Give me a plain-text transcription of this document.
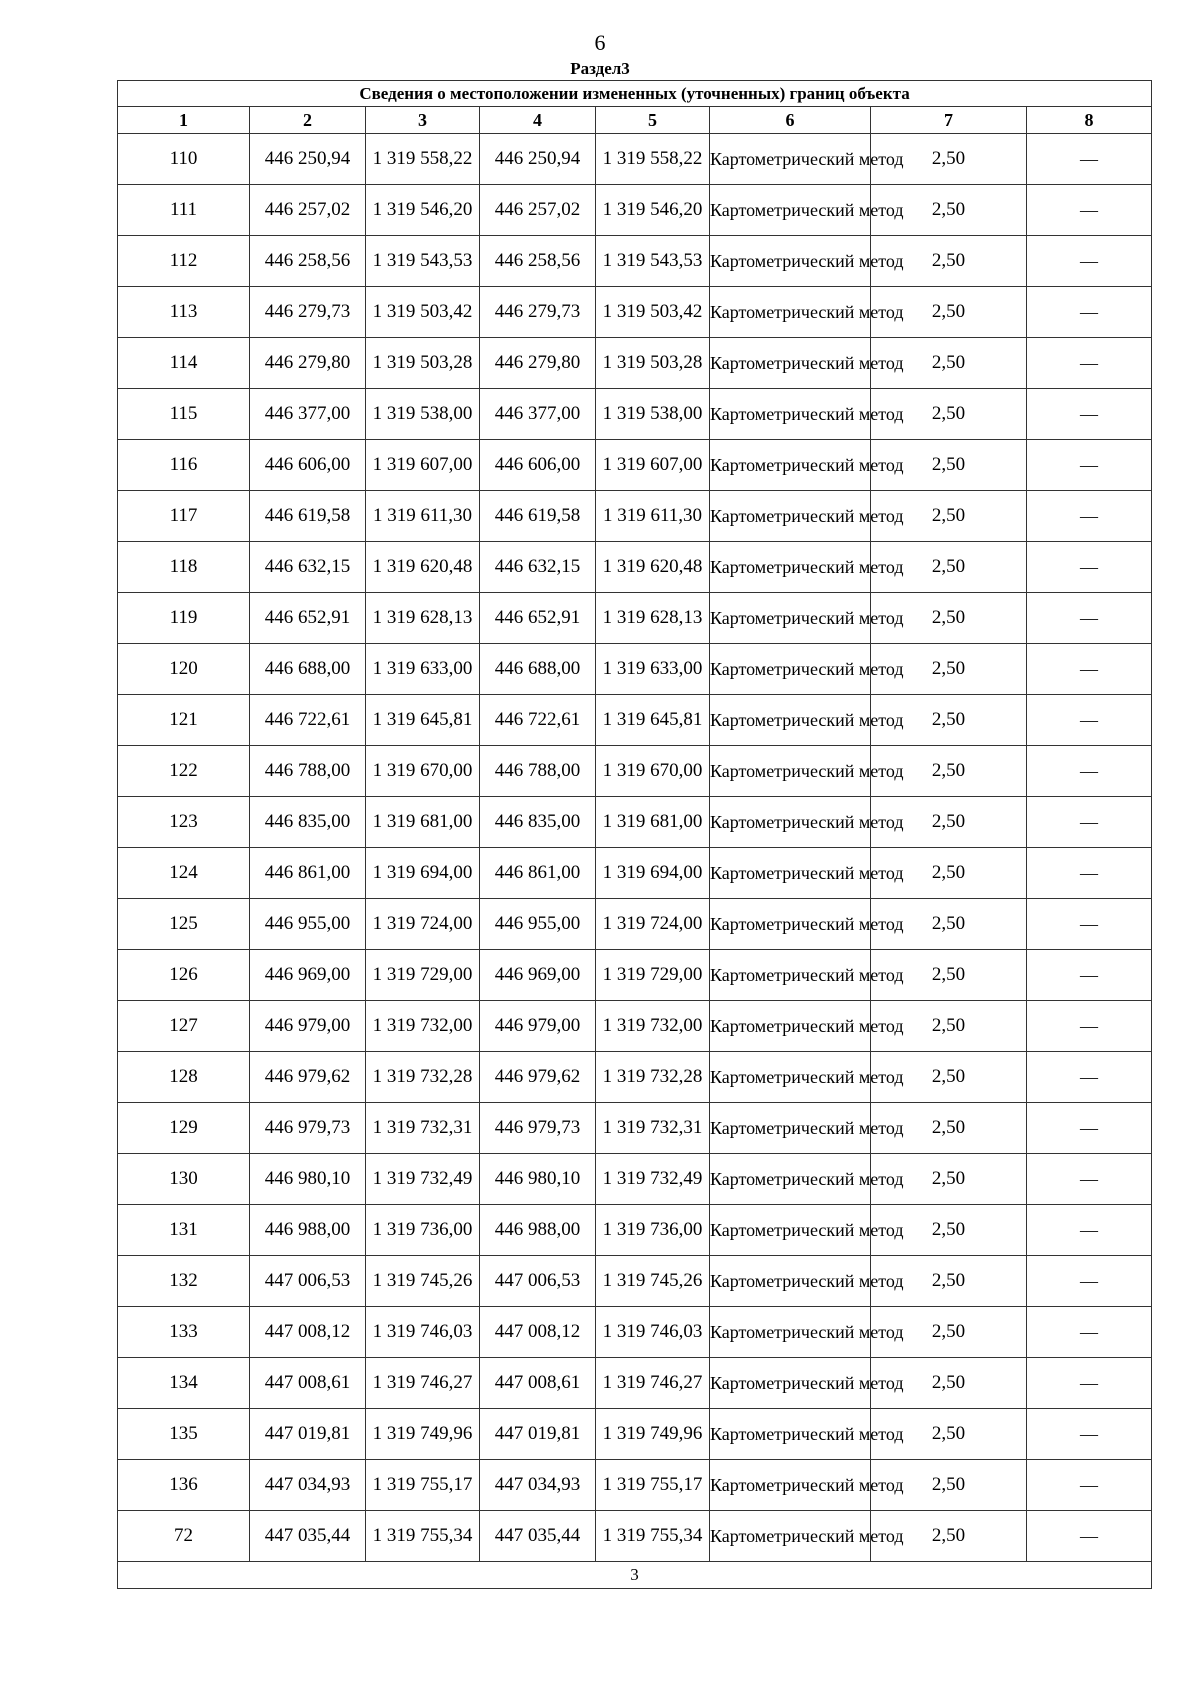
6
Раздел3
Сведения о местоположении измененных (уточненных) границ объекта							
1	2	3	4	5	6	7	8
110	446 250,94	1 319 558,22	446 250,94	1 319 558,22	Картометрический метод	2,50	—
111	446 257,02	1 319 546,20	446 257,02	1 319 546,20	Картометрический метод	2,50	—
112	446 258,56	1 319 543,53	446 258,56	1 319 543,53	Картометрический метод	2,50	—
113	446 279,73	1 319 503,42	446 279,73	1 319 503,42	Картометрический метод	2,50	—
114	446 279,80	1 319 503,28	446 279,80	1 319 503,28	Картометрический метод	2,50	—
115	446 377,00	1 319 538,00	446 377,00	1 319 538,00	Картометрический метод	2,50	—
116	446 606,00	1 319 607,00	446 606,00	1 319 607,00	Картометрический метод	2,50	—
117	446 619,58	1 319 611,30	446 619,58	1 319 611,30	Картометрический метод	2,50	—
118	446 632,15	1 319 620,48	446 632,15	1 319 620,48	Картометрический метод	2,50	—
119	446 652,91	1 319 628,13	446 652,91	1 319 628,13	Картометрический метод	2,50	—
120	446 688,00	1 319 633,00	446 688,00	1 319 633,00	Картометрический метод	2,50	—
121	446 722,61	1 319 645,81	446 722,61	1 319 645,81	Картометрический метод	2,50	—
122	446 788,00	1 319 670,00	446 788,00	1 319 670,00	Картометрический метод	2,50	—
123	446 835,00	1 319 681,00	446 835,00	1 319 681,00	Картометрический метод	2,50	—
124	446 861,00	1 319 694,00	446 861,00	1 319 694,00	Картометрический метод	2,50	—
125	446 955,00	1 319 724,00	446 955,00	1 319 724,00	Картометрический метод	2,50	—
126	446 969,00	1 319 729,00	446 969,00	1 319 729,00	Картометрический метод	2,50	—
127	446 979,00	1 319 732,00	446 979,00	1 319 732,00	Картометрический метод	2,50	—
128	446 979,62	1 319 732,28	446 979,62	1 319 732,28	Картометрический метод	2,50	—
129	446 979,73	1 319 732,31	446 979,73	1 319 732,31	Картометрический метод	2,50	—
130	446 980,10	1 319 732,49	446 980,10	1 319 732,49	Картометрический метод	2,50	—
131	446 988,00	1 319 736,00	446 988,00	1 319 736,00	Картометрический метод	2,50	—
132	447 006,53	1 319 745,26	447 006,53	1 319 745,26	Картометрический метод	2,50	—
133	447 008,12	1 319 746,03	447 008,12	1 319 746,03	Картометрический метод	2,50	—
134	447 008,61	1 319 746,27	447 008,61	1 319 746,27	Картометрический метод	2,50	—
135	447 019,81	1 319 749,96	447 019,81	1 319 749,96	Картометрический метод	2,50	—
136	447 034,93	1 319 755,17	447 034,93	1 319 755,17	Картометрический метод	2,50	—
72	447 035,44	1 319 755,34	447 035,44	1 319 755,34	Картометрический метод	2,50	—
3							
